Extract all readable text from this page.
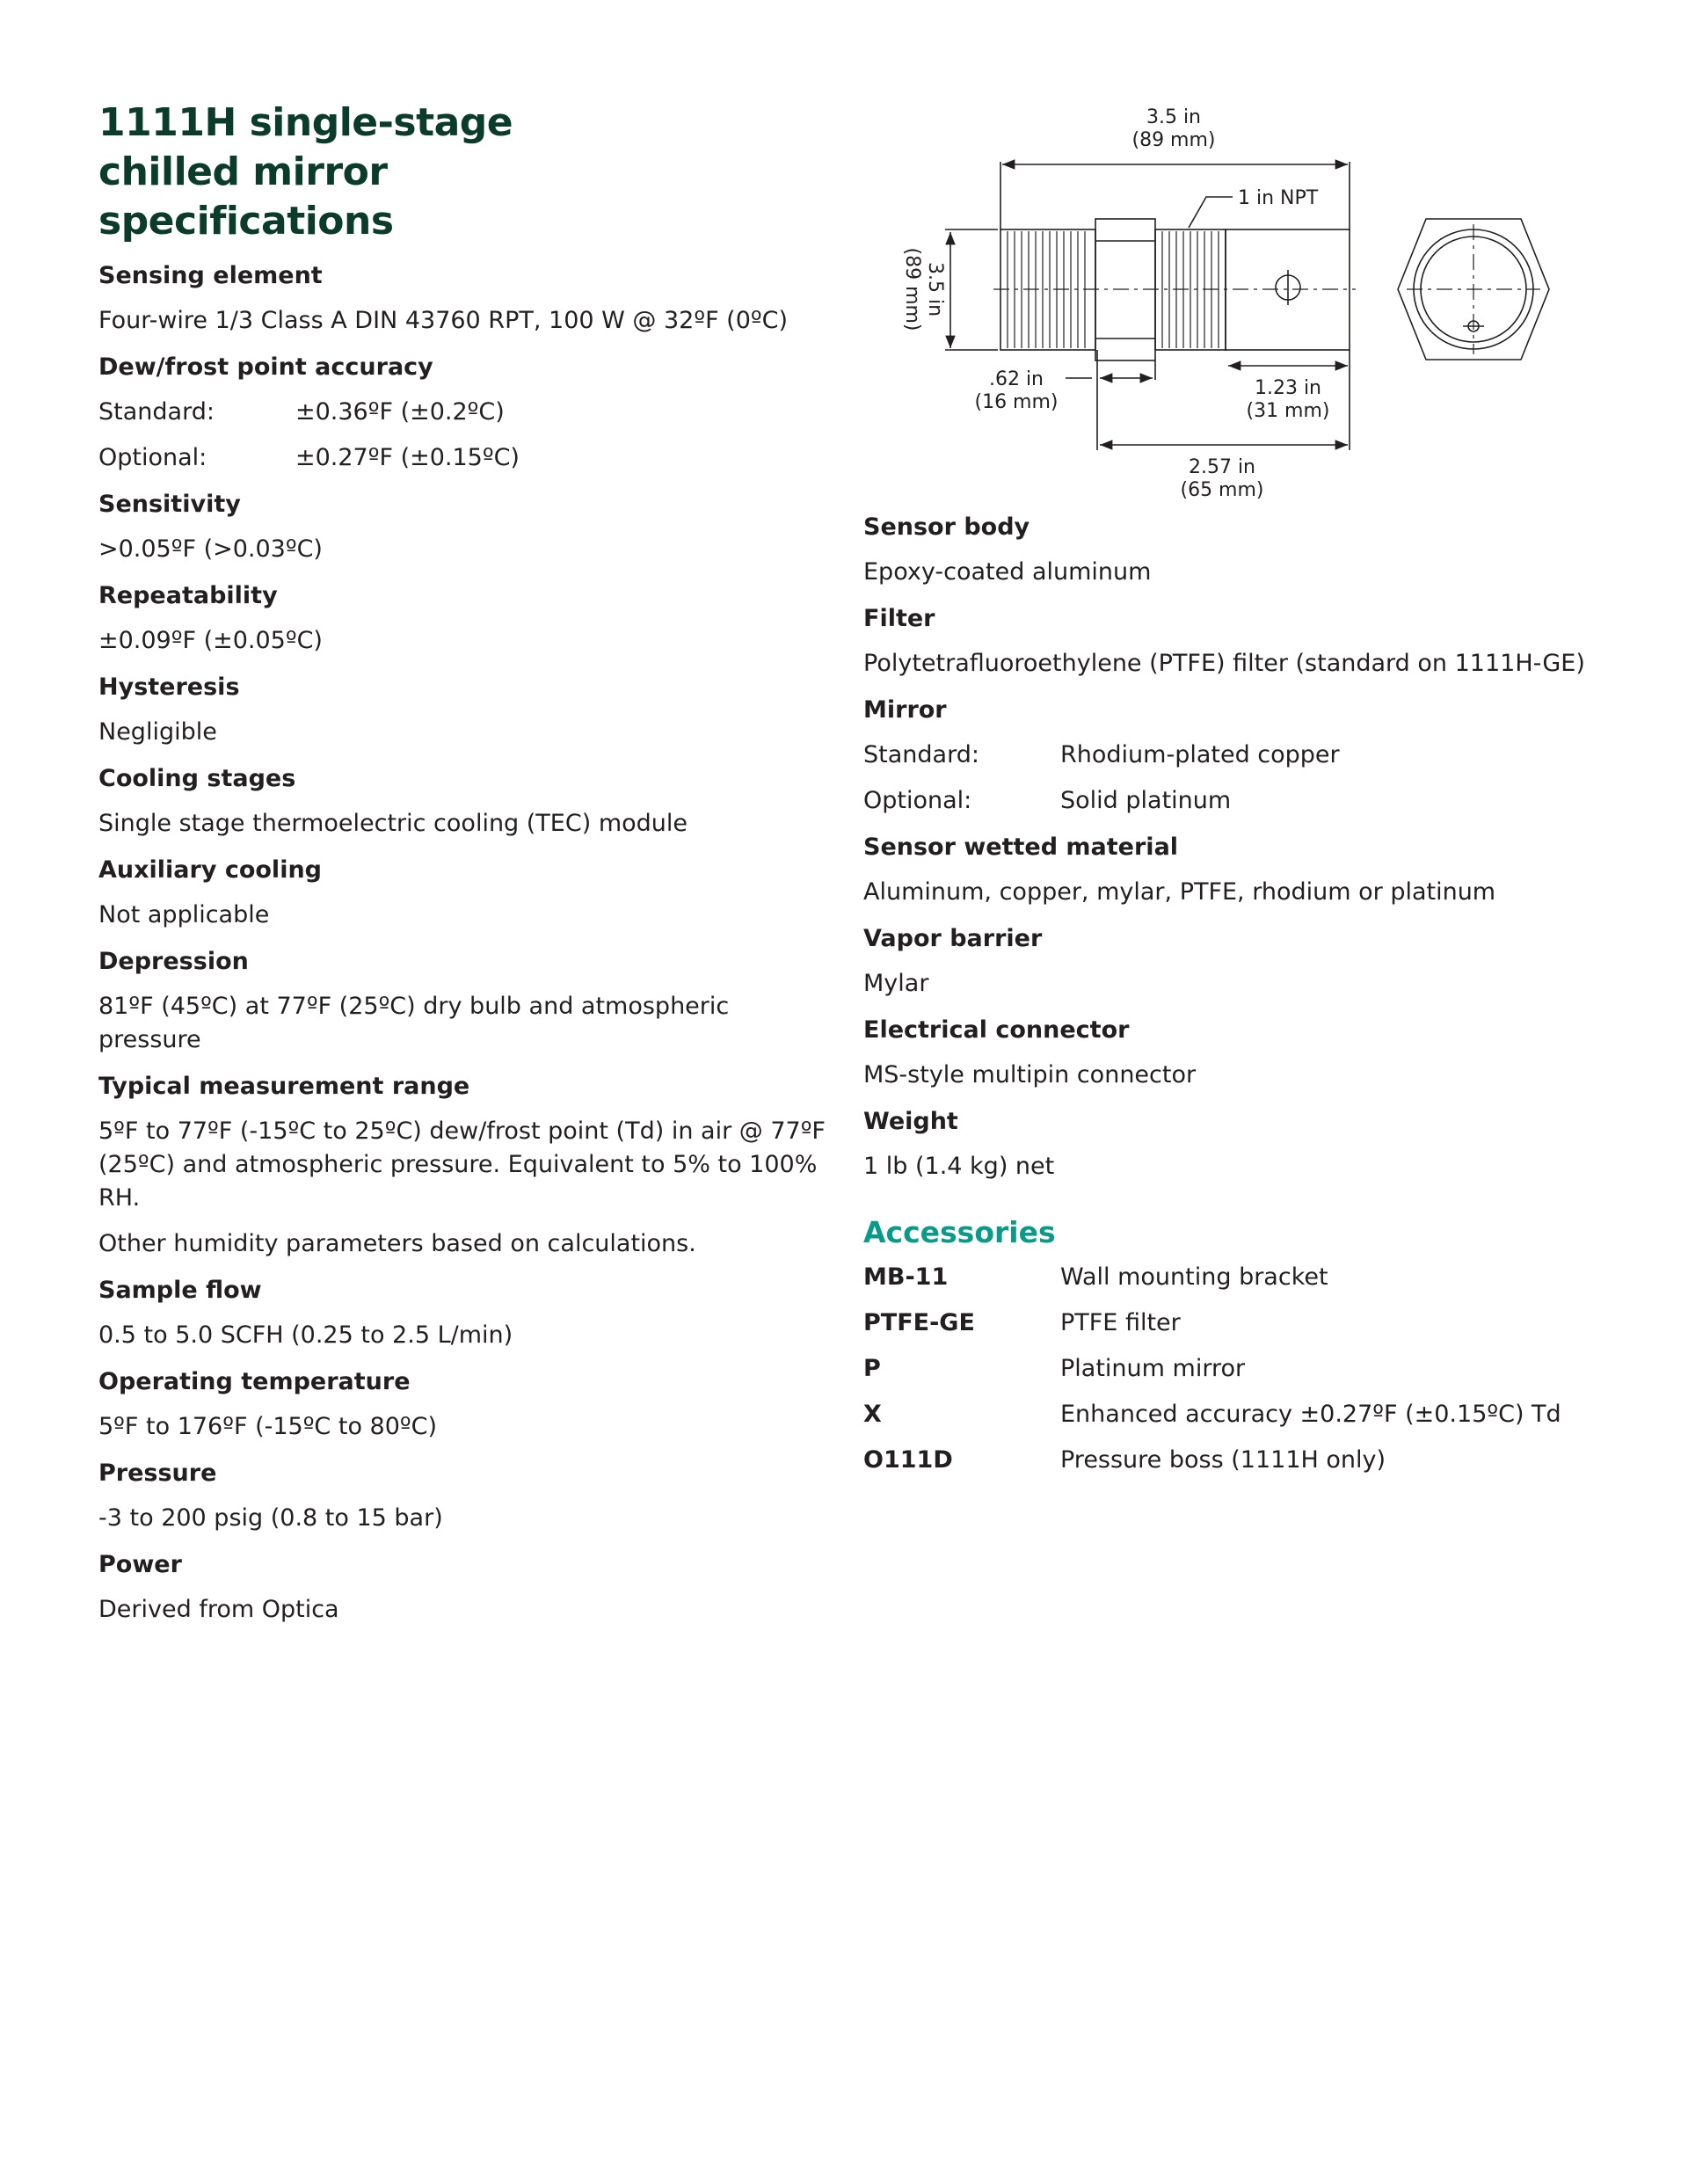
1111H single-stage chilled mirror specifications
Sensing element
Four-wire 1/3 Class A DIN 43760 RPT, 100 W @ 32ºF (0ºC)
Dew/frost point accuracy
Standard:	±0.36ºF (±0.2ºC)
Optional:	±0.27ºF (±0.15ºC)
Sensitivity
>0.05ºF (>0.03ºC)
Repeatability
±0.09ºF (±0.05ºC)
Hysteresis
Negligible
Cooling stages
Single stage thermoelectric cooling (TEC) module
Auxiliary cooling
Not applicable
Depression
81ºF (45ºC) at 77ºF (25ºC) dry bulb and atmospheric pressure
Typical measurement range
5ºF to 77ºF (-15ºC to 25ºC) dew/frost point (Td) in air @ 77ºF (25ºC) and atmospheric pressure. Equivalent to 5% to 100% RH.
Other humidity parameters based on calculations.
Sample flow
0.5 to 5.0 SCFH (0.25 to 2.5 L/min)
Operating temperature
5ºF to 176ºF (-15ºC to 80ºC)
Pressure
-3 to 200 psig (0.8 to 15 bar)
Power
Derived from Optica
3.5 in
(89 mm)
1 in NPT
3.5 in
(89 mm)
.62 in
(16 mm)
1.23 in
(31 mm)
2.57 in
(65 mm)
Sensor body
Epoxy-coated aluminum
Filter
Polytetrafluoroethylene (PTFE) filter (standard on 1111H-GE)
Mirror
Standard:	Rhodium-plated copper
Optional:	Solid platinum
Sensor wetted material
Aluminum, copper, mylar, PTFE, rhodium or platinum
Vapor barrier
Mylar
Electrical connector
MS-style multipin connector
Weight
1 lb (1.4 kg) net
Accessories
MB-11	Wall mounting bracket
PTFE-GE	PTFE filter
P	Platinum mirror
X	Enhanced accuracy ±0.27ºF (±0.15ºC) Td
O111D	Pressure boss (1111H only)
